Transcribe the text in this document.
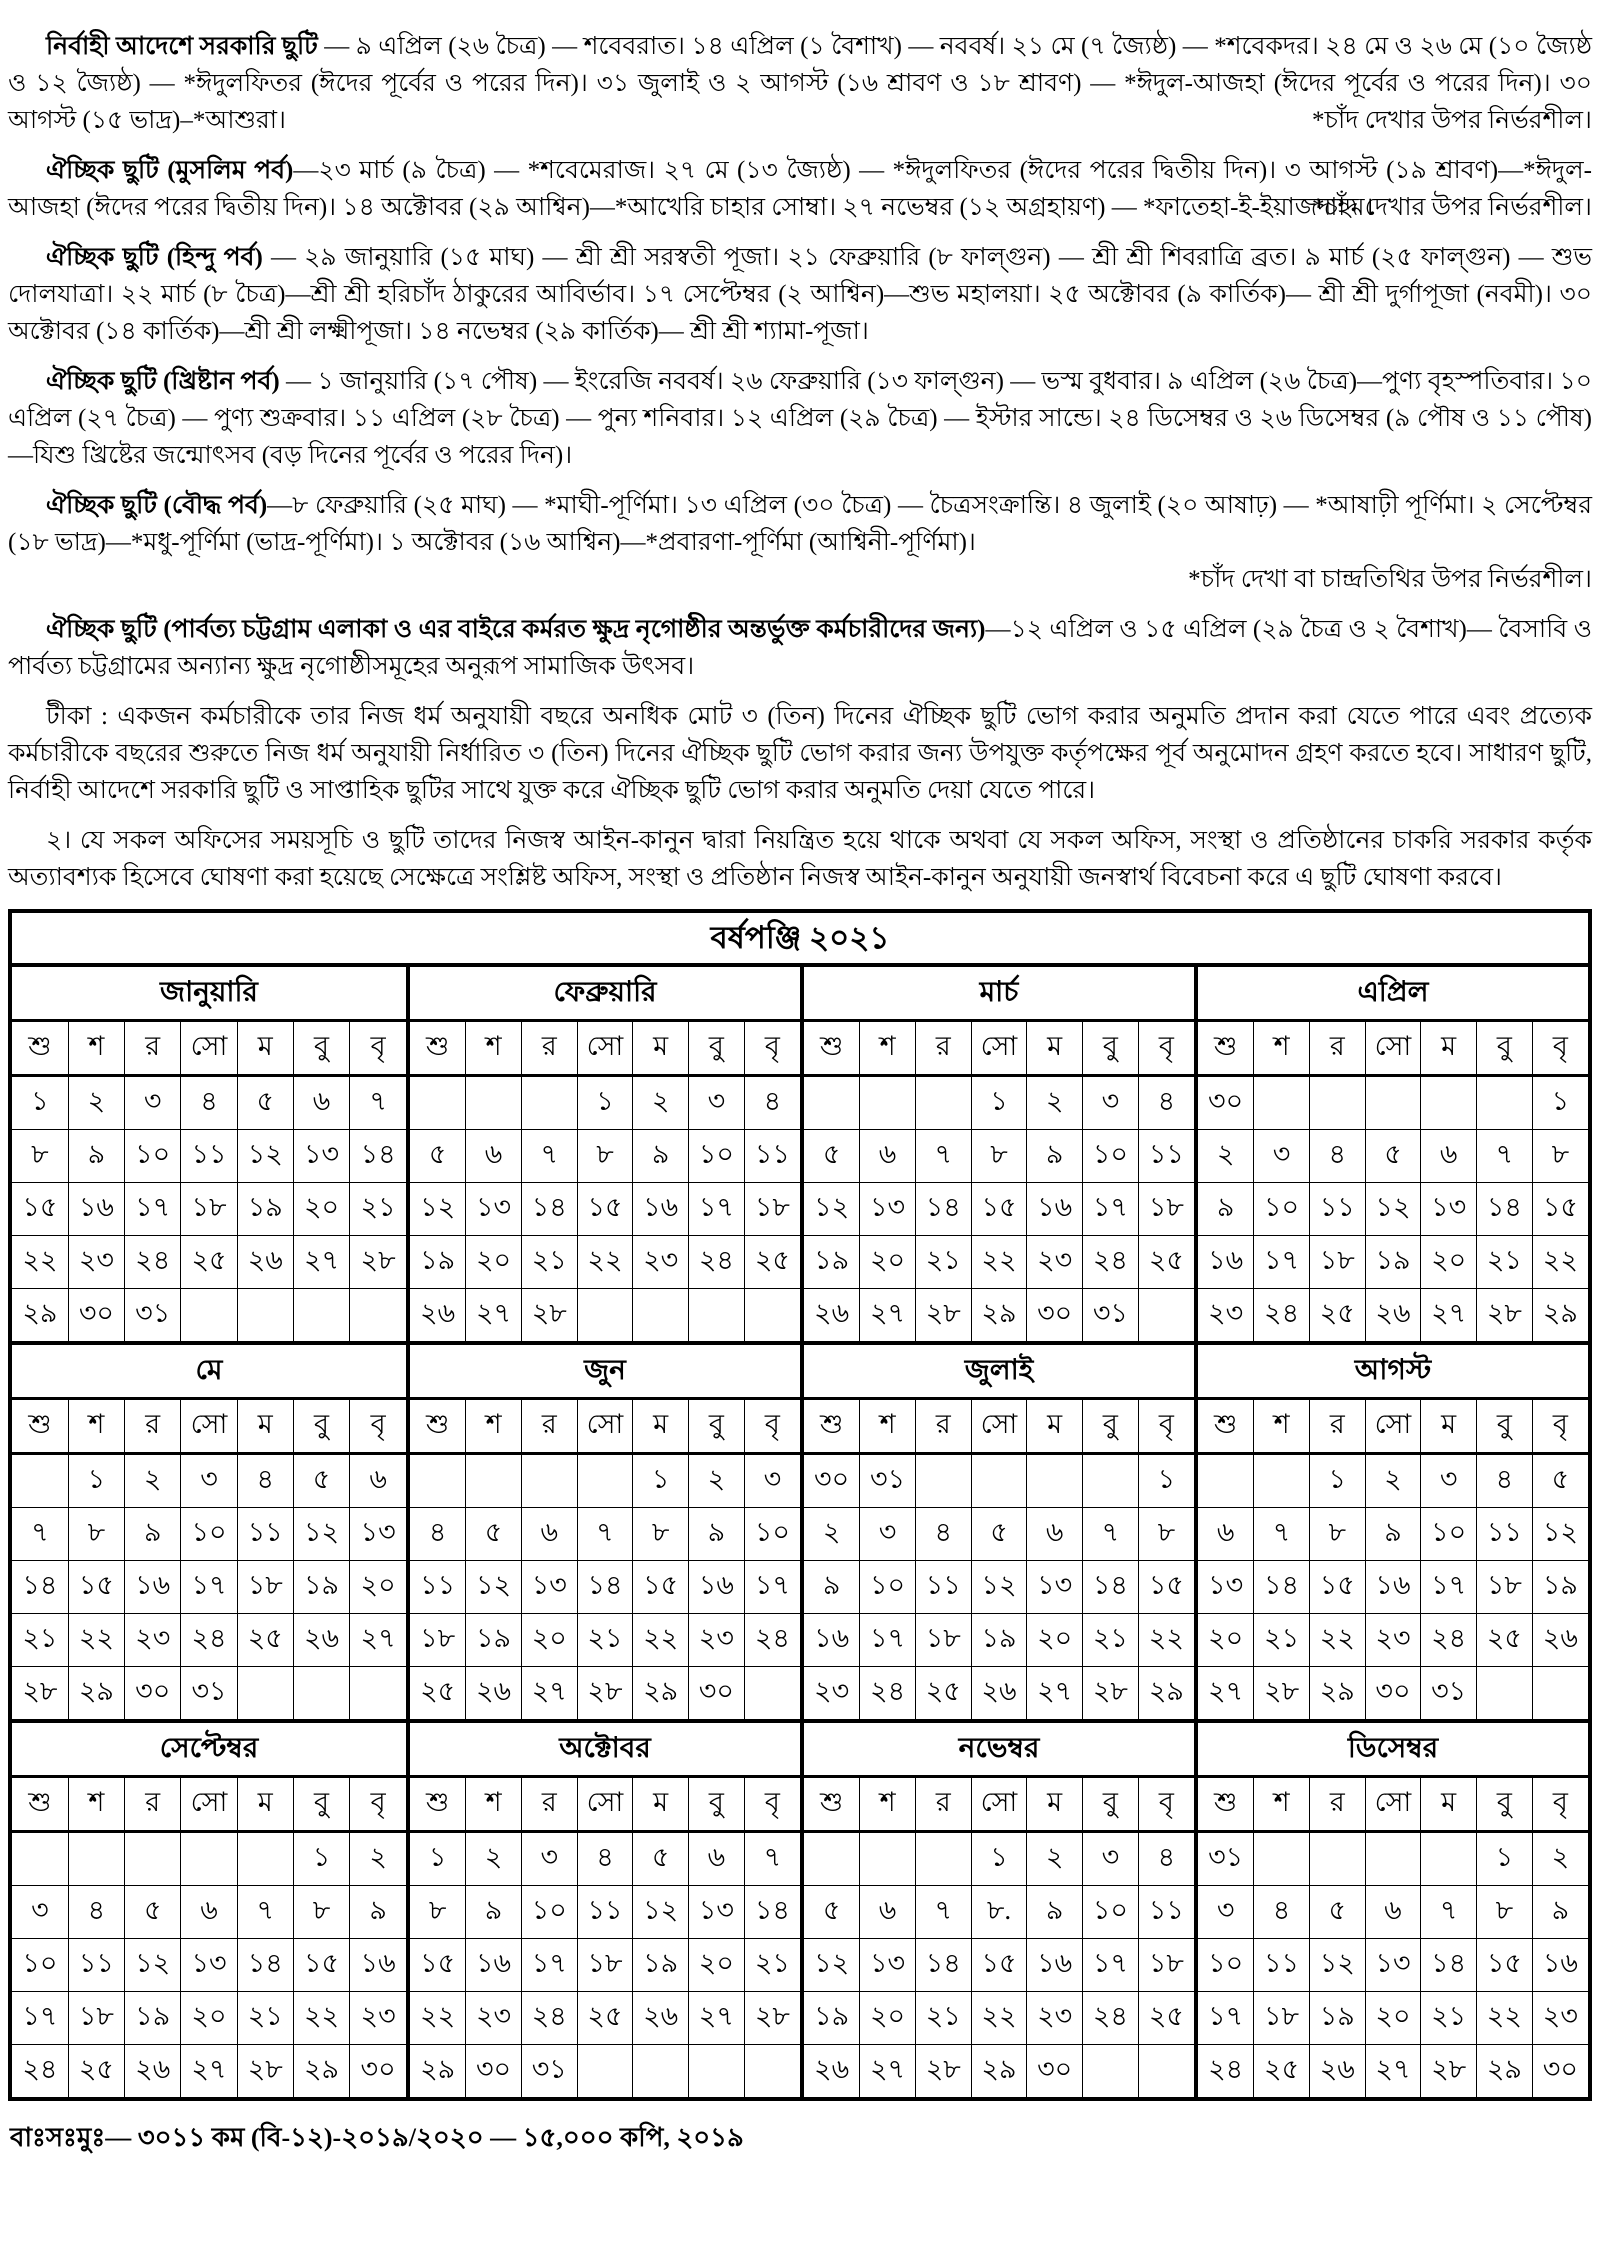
নির্বাহী আদেশে সরকারি ছুটি — ৯ এপ্রিল (২৬ চৈত্র) — শবেবরাত। ১৪ এপ্রিল (১ বৈশাখ) — নববর্ষ। ২১ মে (৭ জ্যৈষ্ঠ) — *শবেকদর। ২৪ মে ও ২৬ মে (১০ জ্যৈষ্ঠ ও ১২ জ্যৈষ্ঠ) — *ঈদুলফিতর (ঈদের পূর্বের ও পরের দিন)। ৩১ জুলাই ও ২ আগস্ট (১৬ শ্রাবণ ও ১৮ শ্রাবণ) — *ঈদুল-আজহা (ঈদের পূর্বের ও পরের দিন)। ৩০ আগস্ট (১৫ ভাদ্র)–*আশুরা।	*চাঁদ দেখার উপর নির্ভরশীল।

ঐচ্ছিক ছুটি (মুসলিম পর্ব)—২৩ মার্চ (৯ চৈত্র) — *শবেমেরাজ। ২৭ মে (১৩ জ্যৈষ্ঠ) — *ঈদুলফিতর (ঈদের পরের দ্বিতীয় দিন)। ৩ আগস্ট (১৯ শ্রাবণ)—*ঈদুল-আজহা (ঈদের পরের দ্বিতীয় দিন)। ১৪ অক্টোবর (২৯ আশ্বিন)—*আখেরি চাহার সোম্বা। ২৭ নভেম্বর (১২ অগ্রহায়ণ) — *ফাতেহা-ই-ইয়াজদাহম।
*চাঁদ দেখার উপর নির্ভরশীল।

ঐচ্ছিক ছুটি (হিন্দু পর্ব) — ২৯ জানুয়ারি (১৫ মাঘ) — শ্রী শ্রী সরস্বতী পূজা। ২১ ফেব্রুয়ারি (৮ ফাল্গুন) — শ্রী শ্রী শিবরাত্রি ব্রত। ৯ মার্চ (২৫ ফাল্গুন) — শুভ দোলযাত্রা। ২২ মার্চ (৮ চৈত্র)—শ্রী শ্রী হরিচাঁদ ঠাকুরের আবির্ভাব। ১৭ সেপ্টেম্বর (২ আশ্বিন)—শুভ মহালয়া। ২৫ অক্টোবর (৯ কার্তিক)— শ্রী শ্রী দুর্গাপূজা (নবমী)। ৩০ অক্টোবর (১৪ কার্তিক)—শ্রী শ্রী লক্ষ্মীপূজা। ১৪ নভেম্বর (২৯ কার্তিক)— শ্রী শ্রী শ্যামা-পূজা।

ঐচ্ছিক ছুটি (খ্রিষ্টান পর্ব) — ১ জানুয়ারি (১৭ পৌষ) — ইংরেজি নববর্ষ। ২৬ ফেব্রুয়ারি (১৩ ফাল্গুন) — ভস্ম বুধবার। ৯ এপ্রিল (২৬ চৈত্র)—পুণ্য বৃহস্পতিবার। ১০ এপ্রিল (২৭ চৈত্র) — পুণ্য শুক্রবার। ১১ এপ্রিল (২৮ চৈত্র) — পুন্য শনিবার। ১২ এপ্রিল (২৯ চৈত্র) — ইস্টার সান্ডে। ২৪ ডিসেম্বর ও ২৬ ডিসেম্বর (৯ পৌষ ও ১১ পৌষ)—যিশু খ্রিষ্টের জন্মোৎসব (বড় দিনের পূর্বের ও পরের দিন)।

ঐচ্ছিক ছুটি (বৌদ্ধ পর্ব)—৮ ফেব্রুয়ারি (২৫ মাঘ) — *মাঘী-পূর্ণিমা। ১৩ এপ্রিল (৩০ চৈত্র) — চৈত্রসংক্রান্তি। ৪ জুলাই (২০ আষাঢ়) — *আষাঢ়ী পূর্ণিমা। ২ সেপ্টেম্বর (১৮ ভাদ্র)—*মধু-পূর্ণিমা (ভাদ্র-পূর্ণিমা)। ১ অক্টোবর (১৬ আশ্বিন)—*প্রবারণা-পূর্ণিমা (আশ্বিনী-পূর্ণিমা)।
*চাঁদ দেখা বা চান্দ্রতিথির উপর নির্ভরশীল।

ঐচ্ছিক ছুটি (পার্বত্য চট্টগ্রাম এলাকা ও এর বাইরে কর্মরত ক্ষুদ্র নৃগোষ্ঠীর অন্তর্ভুক্ত কর্মচারীদের জন্য)—১২ এপ্রিল ও ১৫ এপ্রিল (২৯ চৈত্র ও ২ বৈশাখ)— বৈসাবি ও পার্বত্য চট্টগ্রামের অন্যান্য ক্ষুদ্র নৃগোষ্ঠীসমূহের অনুরূপ সামাজিক উৎসব।

টীকা : একজন কর্মচারীকে তার নিজ ধর্ম অনুযায়ী বছরে অনধিক মোট ৩ (তিন) দিনের ঐচ্ছিক ছুটি ভোগ করার অনুমতি প্রদান করা যেতে পারে এবং প্রত্যেক কর্মচারীকে বছরের শুরুতে নিজ ধর্ম অনুযায়ী নির্ধারিত ৩ (তিন) দিনের ঐচ্ছিক ছুটি ভোগ করার জন্য উপযুক্ত কর্তৃপক্ষের পূর্ব অনুমোদন গ্রহণ করতে হবে। সাধারণ ছুটি, নির্বাহী আদেশে সরকারি ছুটি ও সাপ্তাহিক ছুটির সাথে যুক্ত করে ঐচ্ছিক ছুটি ভোগ করার অনুমতি দেয়া যেতে পারে।

২। যে সকল অফিসের সময়সূচি ও ছুটি তাদের নিজস্ব আইন-কানুন দ্বারা নিয়ন্ত্রিত হয়ে থাকে অথবা যে সকল অফিস, সংস্থা ও প্রতিষ্ঠানের চাকরি সরকার কর্তৃক অত্যাবশ্যক হিসেবে ঘোষণা করা হয়েছে সেক্ষেত্রে সংশ্লিষ্ট অফিস, সংস্থা ও প্রতিষ্ঠান নিজস্ব আইন-কানুন অনুযায়ী জনস্বার্থ বিবেচনা করে এ ছুটি ঘোষণা করবে।

বর্ষপঞ্জি ২০২১
জানুয়ারি
শু	শ	র	সো	ম	বু	বৃ
১	২	৩	৪	৫	৬	৭
৮	৯	১০	১১	১২	১৩	১৪
১৫	১৬	১৭	১৮	১৯	২০	২১
২২	২৩	২৪	২৫	২৬	২৭	২৮
২৯	৩০	৩১				
ফেব্রুয়ারি
শু	শ	র	সো	ম	বু	বৃ
			১	২	৩	৪
৫	৬	৭	৮	৯	১০	১১
১২	১৩	১৪	১৫	১৬	১৭	১৮
১৯	২০	২১	২২	২৩	২৪	২৫
২৬	২৭	২৮				
মার্চ
শু	শ	র	সো	ম	বু	বৃ
			১	২	৩	৪
৫	৬	৭	৮	৯	১০	১১
১২	১৩	১৪	১৫	১৬	১৭	১৮
১৯	২০	২১	২২	২৩	২৪	২৫
২৬	২৭	২৮	২৯	৩০	৩১	
এপ্রিল
শু	শ	র	সো	ম	বু	বৃ
৩০						১
২	৩	৪	৫	৬	৭	৮
৯	১০	১১	১২	১৩	১৪	১৫
১৬	১৭	১৮	১৯	২০	২১	২২
২৩	২৪	২৫	২৬	২৭	২৮	২৯
মে
শু	শ	র	সো	ম	বু	বৃ
	১	২	৩	৪	৫	৬
৭	৮	৯	১০	১১	১২	১৩
১৪	১৫	১৬	১৭	১৮	১৯	২০
২১	২২	২৩	২৪	২৫	২৬	২৭
২৮	২৯	৩০	৩১			
জুন
শু	শ	র	সো	ম	বু	বৃ
				১	২	৩
৪	৫	৬	৭	৮	৯	১০
১১	১২	১৩	১৪	১৫	১৬	১৭
১৮	১৯	২০	২১	২২	২৩	২৪
২৫	২৬	২৭	২৮	২৯	৩০	
জুলাই
শু	শ	র	সো	ম	বু	বৃ
৩০	৩১					১
২	৩	৪	৫	৬	৭	৮
৯	১০	১১	১২	১৩	১৪	১৫
১৬	১৭	১৮	১৯	২০	২১	২২
২৩	২৪	২৫	২৬	২৭	২৮	২৯
আগস্ট
শু	শ	র	সো	ম	বু	বৃ
		১	২	৩	৪	৫
৬	৭	৮	৯	১০	১১	১২
১৩	১৪	১৫	১৬	১৭	১৮	১৯
২০	২১	২২	২৩	২৪	২৫	২৬
২৭	২৮	২৯	৩০	৩১		
সেপ্টেম্বর
শু	শ	র	সো	ম	বু	বৃ
					১	২
৩	৪	৫	৬	৭	৮	৯
১০	১১	১২	১৩	১৪	১৫	১৬
১৭	১৮	১৯	২০	২১	২২	২৩
২৪	২৫	২৬	২৭	২৮	২৯	৩০
অক্টোবর
শু	শ	র	সো	ম	বু	বৃ
১	২	৩	৪	৫	৬	৭
৮	৯	১০	১১	১২	১৩	১৪
১৫	১৬	১৭	১৮	১৯	২০	২১
২২	২৩	২৪	২৫	২৬	২৭	২৮
২৯	৩০	৩১				
নভেম্বর
শু	শ	র	সো	ম	বু	বৃ
			১	২	৩	৪
৫	৬	৭	৮.	৯	১০	১১
১২	১৩	১৪	১৫	১৬	১৭	১৮
১৯	২০	২১	২২	২৩	২৪	২৫
২৬	২৭	২৮	২৯	৩০		
ডিসেম্বর
শু	শ	র	সো	ম	বু	বৃ
৩১					১	২
৩	৪	৫	৬	৭	৮	৯
১০	১১	১২	১৩	১৪	১৫	১৬
১৭	১৮	১৯	২০	২১	২২	২৩
২৪	২৫	২৬	২৭	২৮	২৯	৩০
বাঃসঃমুঃ— ৩০১১ কম (বি-১২)-২০১৯/২০২০ — ১৫,০০০ কপি, ২০১৯
